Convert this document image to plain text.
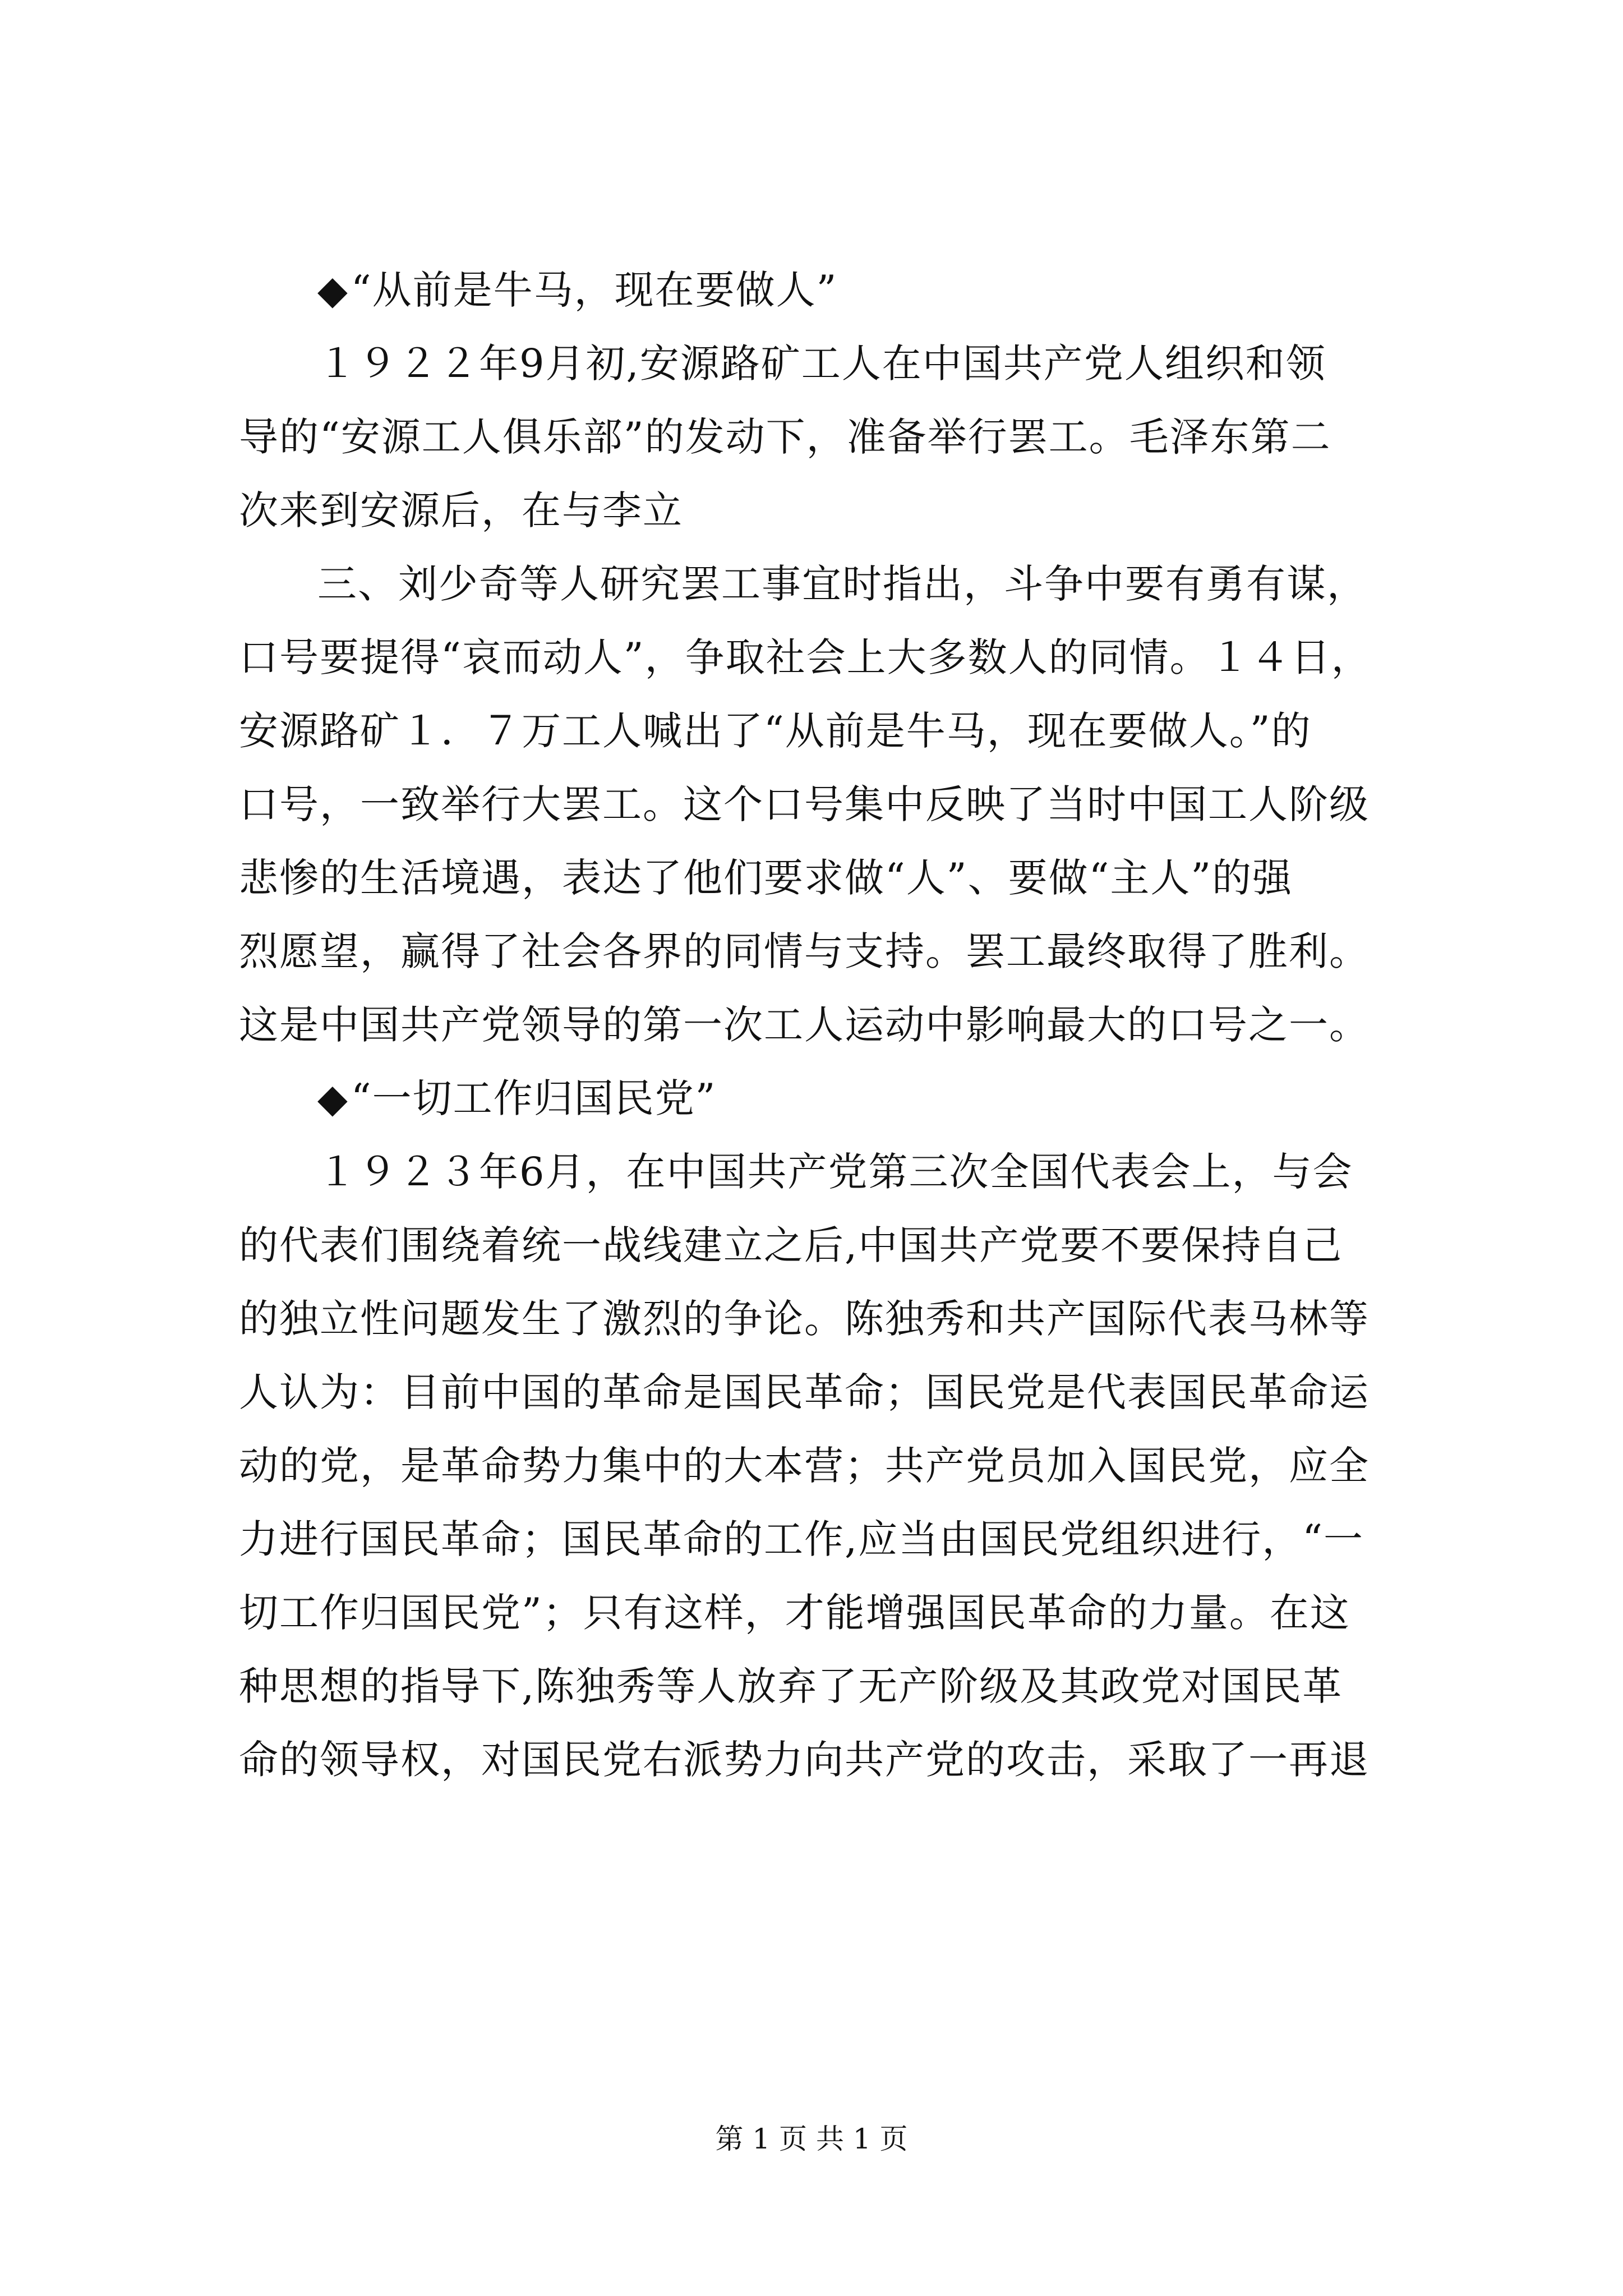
◆“从前是牛马，现在要做人”
１９２２年9月初,安源路矿工人在中国共产党人组织和领
导的“安源工人俱乐部”的发动下，准备举行罢工。毛泽东第二
次来到安源后，在与李立
三、刘少奇等人研究罢工事宜时指出，斗争中要有勇有谋，
口号要提得“哀而动人”，争取社会上大多数人的同情。１４日，
安源路矿１．７万工人喊出了“从前是牛马，现在要做人。”的
口号，一致举行大罢工。这个口号集中反映了当时中国工人阶级
悲惨的生活境遇，表达了他们要求做“人”、要做“主人”的强
烈愿望，赢得了社会各界的同情与支持。罢工最终取得了胜利。
这是中国共产党领导的第一次工人运动中影响最大的口号之一。
◆“一切工作归国民党”
１９２３年6月，在中国共产党第三次全国代表会上，与会
的代表们围绕着统一战线建立之后,中国共产党要不要保持自己
的独立性问题发生了激烈的争论。陈独秀和共产国际代表马林等
人认为：目前中国的革命是国民革命；国民党是代表国民革命运
动的党，是革命势力集中的大本营；共产党员加入国民党，应全
力进行国民革命；国民革命的工作,应当由国民党组织进行，“一
切工作归国民党”；只有这样，才能增强国民革命的力量。在这
种思想的指导下,陈独秀等人放弃了无产阶级及其政党对国民革
命的领导权，对国民党右派势力向共产党的攻击，采取了一再退
第 1 页 共 1 页
